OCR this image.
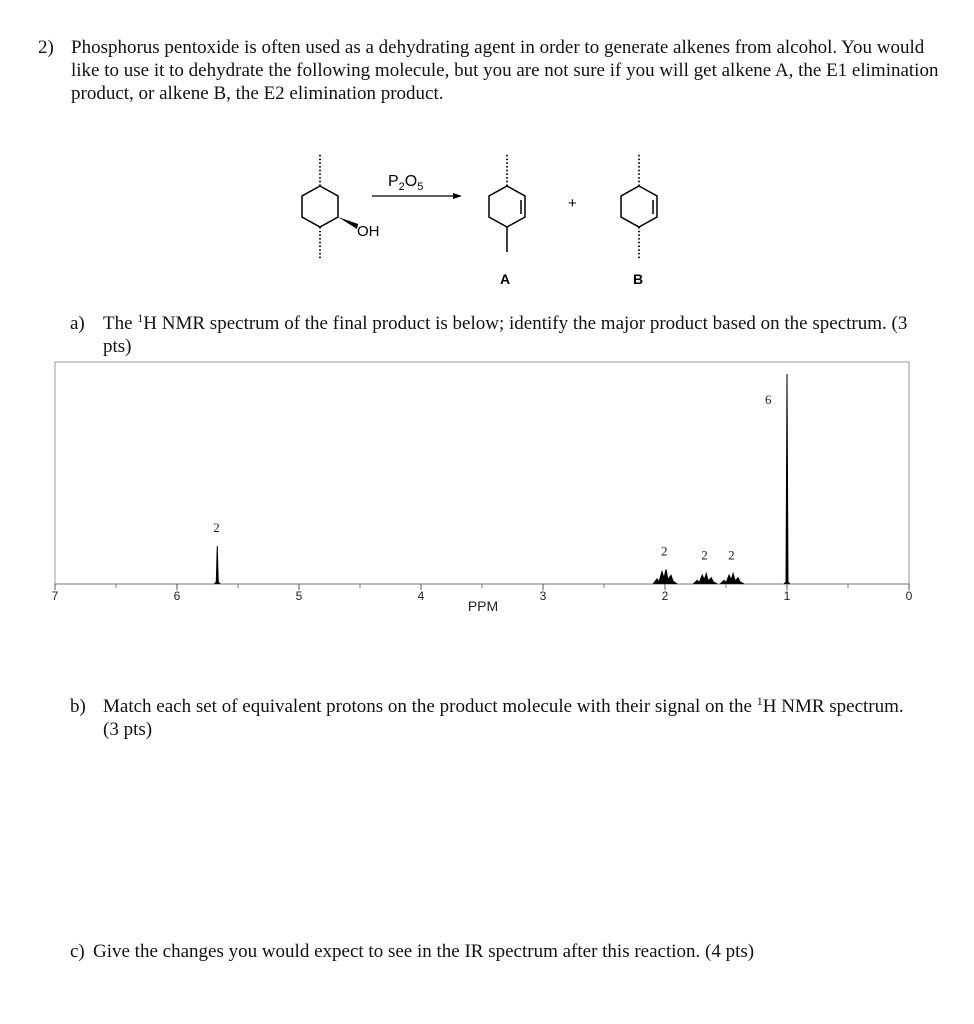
2) Phosphorus pentoxide is often used as a dehydrating agent in order to generate alkenes from alcohol. You would like to use it to dehydrate the following molecule, but you are not sure if you will get alkene A, the E1 elimination product, or alkene B, the E2 elimination product.
OH
$P_2O_5$
+
A	B
a) The $^1$H NMR spectrum of the final product is below; identify the major product based on the spectrum. (3 pts)
7	6	5	4	3	2	1	0
2
2	2 2
6
PPM
b) Match each set of equivalent protons on the product molecule with their signal on the $^1$H NMR spectrum. (3 pts)
c) Give the changes you would expect to see in the IR spectrum after this reaction. (4 pts)
